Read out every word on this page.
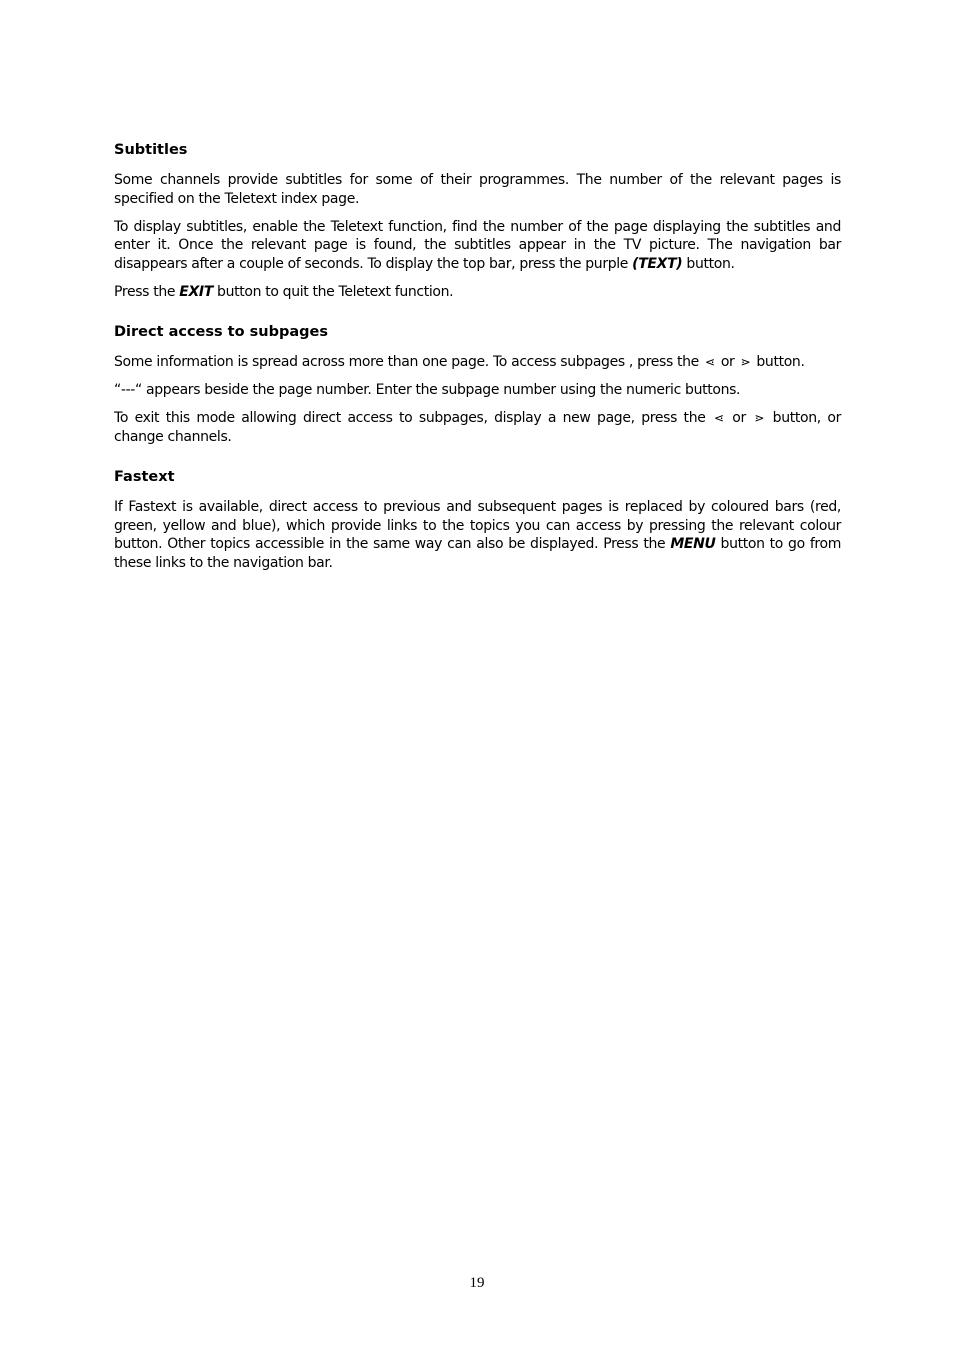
Subtitles

Some channels provide subtitles for some of their programmes. The number of the relevant pages is specified on the Teletext index page.

To display subtitles, enable the Teletext function, find the number of the page displaying the subtitles and enter it. Once the relevant page is found, the subtitles appear in the TV picture. The navigation bar disappears after a couple of seconds. To display the top bar, press the purple (TEXT) button.

Press the EXIT button to quit the Teletext function.

Direct access to subpages

Some information is spread across more than one page. To access subpages , press the ⋖ or ⋗ button.

“---“ appears beside the page number. Enter the subpage number using the numeric buttons.

To exit this mode allowing direct access to subpages, display a new page, press the ⋖ or ⋗ button, or change channels.

Fastext

If Fastext is available, direct access to previous and subsequent pages is replaced by coloured bars (red, green, yellow and blue), which provide links to the topics you can access by pressing the relevant colour button. Other topics accessible in the same way can also be displayed. Press the MENU button to go from these links to the navigation bar.

19
